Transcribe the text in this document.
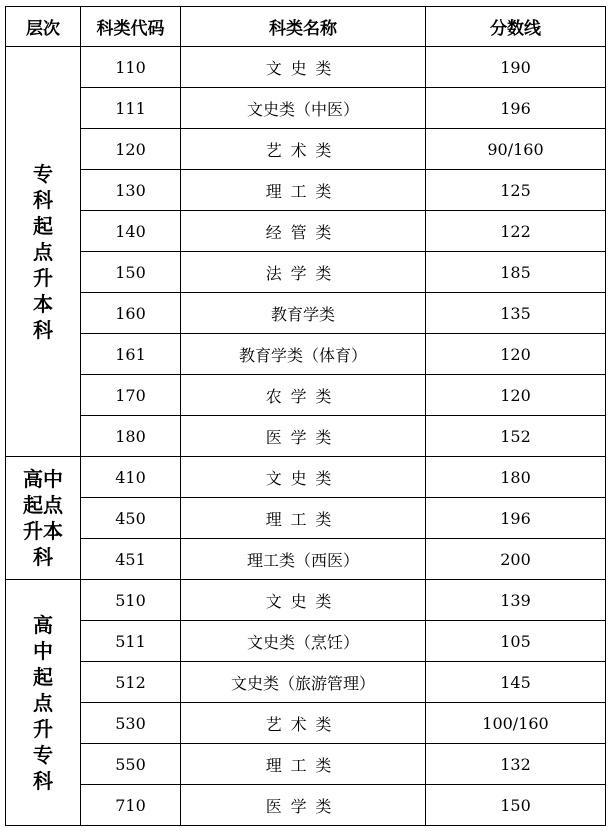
层次	科类代码	科类名称	分数线
专科起点升本科	110	文史类	190
	111	文史类（中医）	196
	120	艺术类	90/160
	130	理工类	125
	140	经管类	122
	150	法学类	185
	160	教育学类	135
	161	教育学类（体育）	120
	170	农学类	120
	180	医学类	152
高中起点升本科	410	文史类	180
	450	理工类	196
	451	理工类（西医）	200
高中起点升专科	510	文史类	139
	511	文史类（烹饪）	105
	512	文史类（旅游管理）	145
	530	艺术类	100/160
	550	理工类	132
	710	医学类	150
